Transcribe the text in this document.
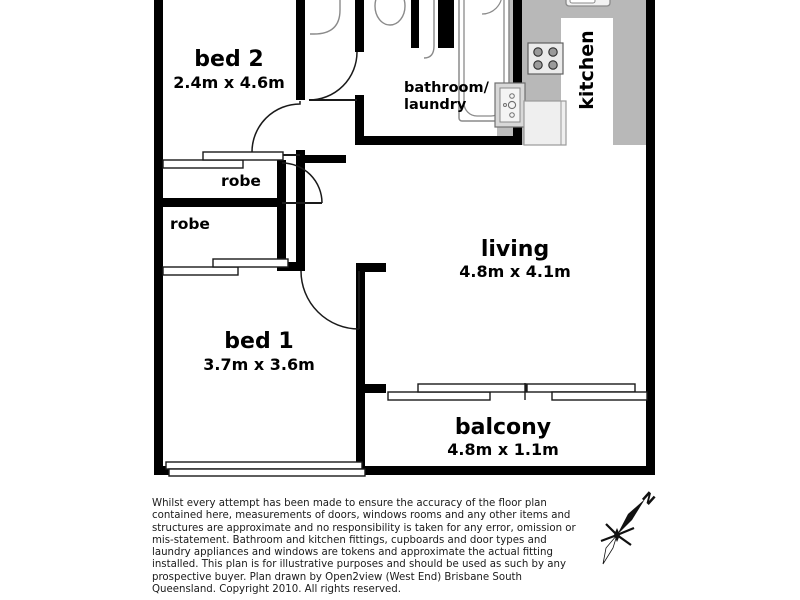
bed 2
2.4m x 4.6m
bed 1
3.7m x 3.6m
living
4.8m x 4.1m
balcony
4.8m x 1.1m
bathroom/
laundry	kitchen
robe
robe
N
Whilst every attempt has been made to ensure the accuracy of the floor plan contained here, measurements of doors, windows rooms and any other items and structures are approximate and no responsibility is taken for any error, omission or mis-statement. Bathroom and kitchen fittings, cupboards and door types and laundry appliances and windows are tokens and approximate the actual fitting installed. This plan is for illustrative purposes and should be used as such by any prospective buyer. Plan drawn by Open2view (West End) Brisbane South Queensland. Copyright 2010. All rights reserved.
